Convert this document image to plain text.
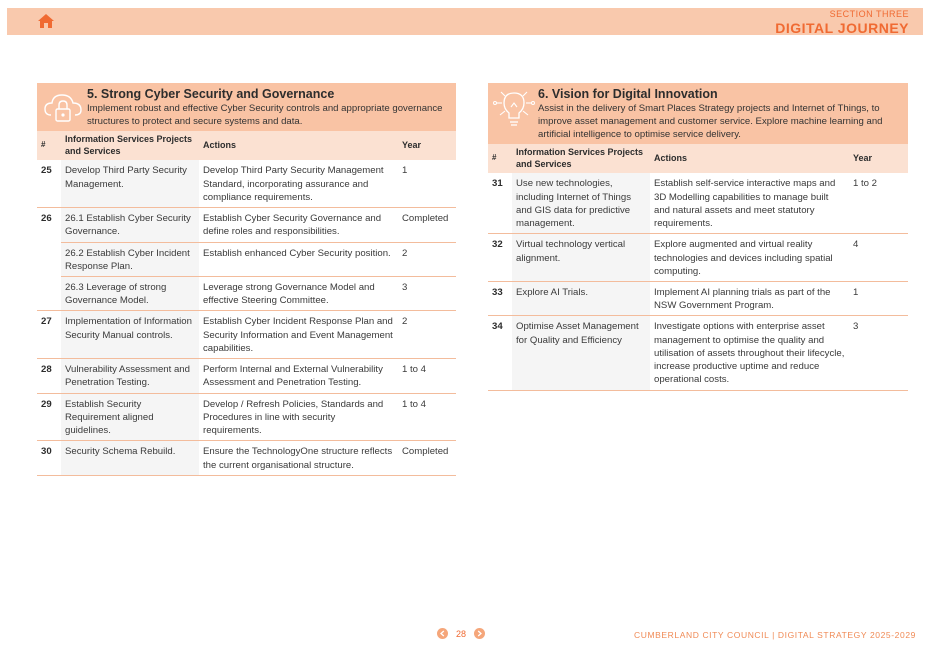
SECTION THREE
DIGITAL JOURNEY
5. Strong Cyber Security and Governance
Implement robust and effective Cyber Security controls and appropriate governance structures to protect and secure systems and data.
#	Information Services Projects and Services	Actions	Year
25	Develop Third Party Security Management.	Develop Third Party Security Management Standard, incorporating assurance and compliance requirements.	1
26	26.1 Establish Cyber Security Governance.	Establish Cyber Security Governance and define roles and responsibilities.	Completed
	26.2 Establish Cyber Incident Response Plan.	Establish enhanced Cyber Security position.	2
	26.3 Leverage of strong Governance Model.	Leverage strong Governance Model and effective Steering Committee.	3
27	Implementation of Information Security Manual controls.	Establish Cyber Incident Response Plan and Security Information and Event Management capabilities.	2
28	Vulnerability Assessment and Penetration Testing.	Perform Internal and External Vulnerability Assessment and Penetration Testing.	1 to 4
29	Establish Security Requirement aligned guidelines.	Develop / Refresh Policies, Standards and Procedures in line with security requirements.	1 to 4
30	Security Schema Rebuild.	Ensure the TechnologyOne structure reflects the current organisational structure.	Completed
6. Vision for Digital Innovation
Assist in the delivery of Smart Places Strategy projects and Internet of Things, to improve asset management and customer service. Explore machine learning and artificial intelligence to optimise service delivery.
#	Information Services Projects and Services	Actions	Year
31	Use new technologies, including Internet of Things and GIS data for predictive management.	Establish self-service interactive maps and 3D Modelling capabilities to manage built and natural assets and meet statutory requirements.	1 to 2
32	Virtual technology vertical alignment.	Explore augmented and virtual reality technologies and devices including spatial computing.	4
33	Explore AI Trials.	Implement AI planning trials as part of the NSW Government Program.	1
34	Optimise Asset Management for Quality and Efficiency	Investigate options with enterprise asset management to optimise the quality and utilisation of assets throughout their lifecycle, increase productive uptime and reduce operational costs.	3
28	CUMBERLAND CITY COUNCIL | DIGITAL STRATEGY 2025-2029
